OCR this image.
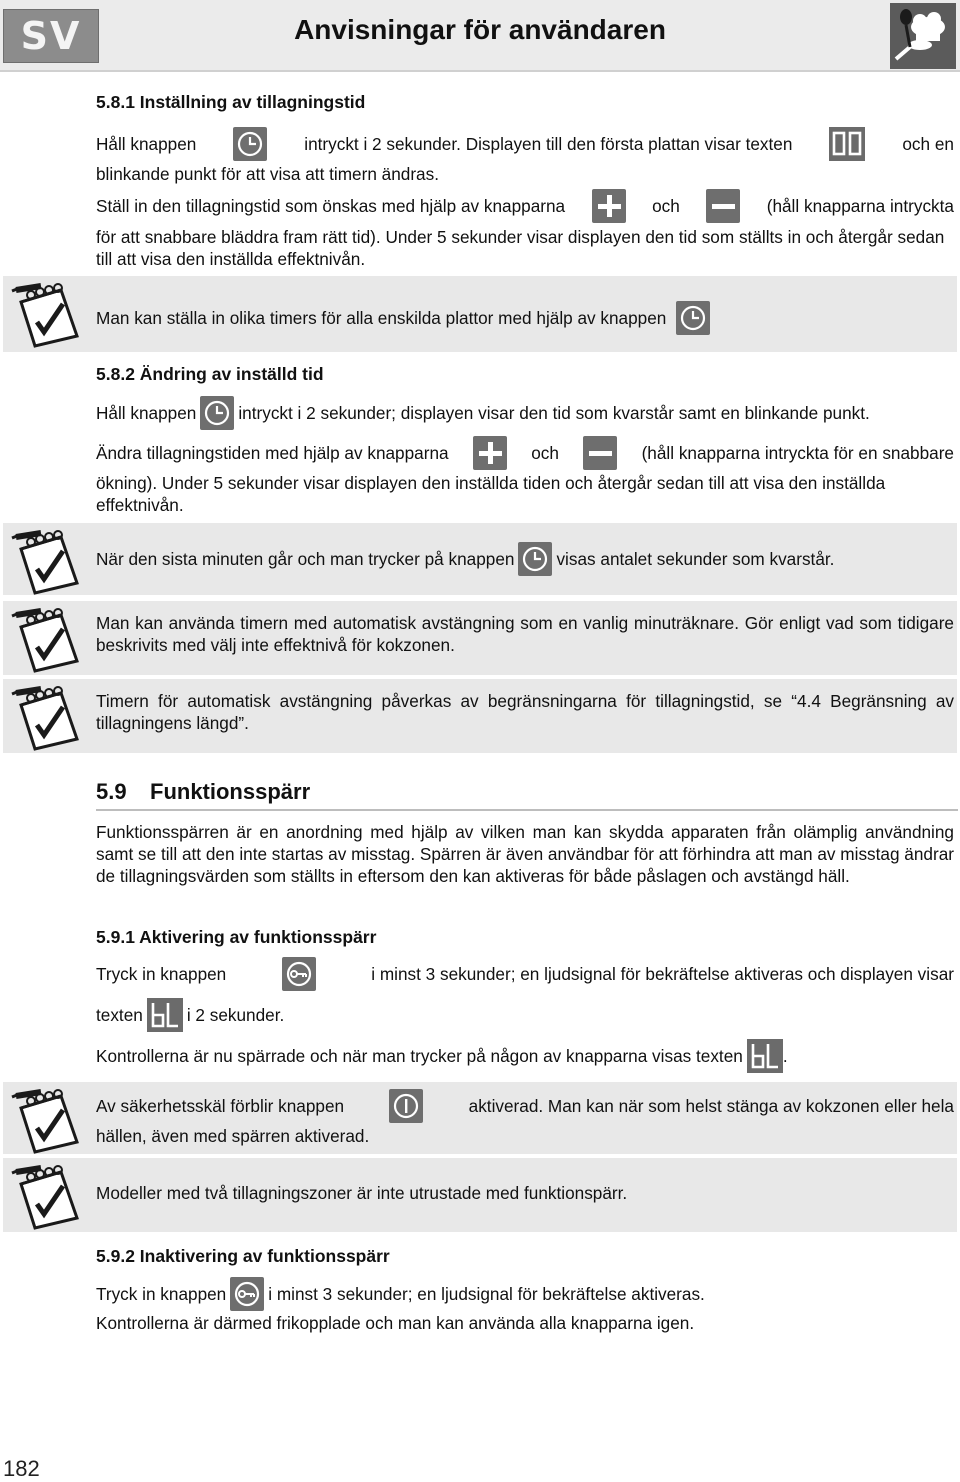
SV	Anvisningar för användaren

5.8.1 Inställning av tillagningstid

Håll knappen	intryckt i 2 sekunder. Displayen till den första plattan visar texten	och en

blinkande punkt för att visa att timern ändras.

Ställ in den tillagningstid som önskas med hjälp av knapparna	och	(håll knapparna intryckta

för att snabbare bläddra fram rätt tid). Under 5 sekunder visar displayen den tid som ställts in och återgår sedan till att visa den inställda effektnivån.

Man kan ställa in olika timers för alla enskilda plattor med hjälp av knappen

5.8.2 Ändring av inställd tid

Håll knappen intryckt i 2 sekunder; displayen visar den tid som kvarstår samt en blinkande punkt.

Ändra tillagningstiden med hjälp av knapparna	och	(håll knapparna intryckta för en snabbare

ökning). Under 5 sekunder visar displayen den inställda tiden och återgår sedan till att visa den inställda effektnivån.

När den sista minuten går och man trycker på knappen visas antalet sekunder som kvarstår.

Man kan använda timern med automatisk avstängning som en vanlig minuträknare. Gör enligt vad som tidigare beskrivits med välj inte effektnivå för kokzonen.

Timern för automatisk avstängning påverkas av begränsningarna för tillagningstid, se “4.4 Begränsning av tillagningens längd”.

5.9	Funktionsspärr

Funktionsspärren är en anordning med hjälp av vilken man kan skydda apparaten från olämplig användning samt se till att den inte startas av misstag. Spärren är även användbar för att förhindra att man av misstag ändrar de tillagningsvärden som ställts in eftersom den kan aktiveras för både påslagen och avstängd häll.

5.9.1 Aktivering av funktionsspärr

Tryck in knappen	i minst 3 sekunder; en ljudsignal för bekräftelse aktiveras och displayen visar

texten	i 2 sekunder.

Kontrollerna är nu spärrade och när man trycker på någon av knapparna visas texten .

Av säkerhetsskäl förblir knappen	aktiverad. Man kan när som helst stänga av kokzonen eller hela

hällen, även med spärren aktiverad.

Modeller med två tillagningszoner är inte utrustade med funktionspärr.

5.9.2 Inaktivering av funktionsspärr

Tryck in knappen i minst 3 sekunder; en ljudsignal för bekräftelse aktiveras.

Kontrollerna är därmed frikopplade och man kan använda alla knapparna igen.

182
